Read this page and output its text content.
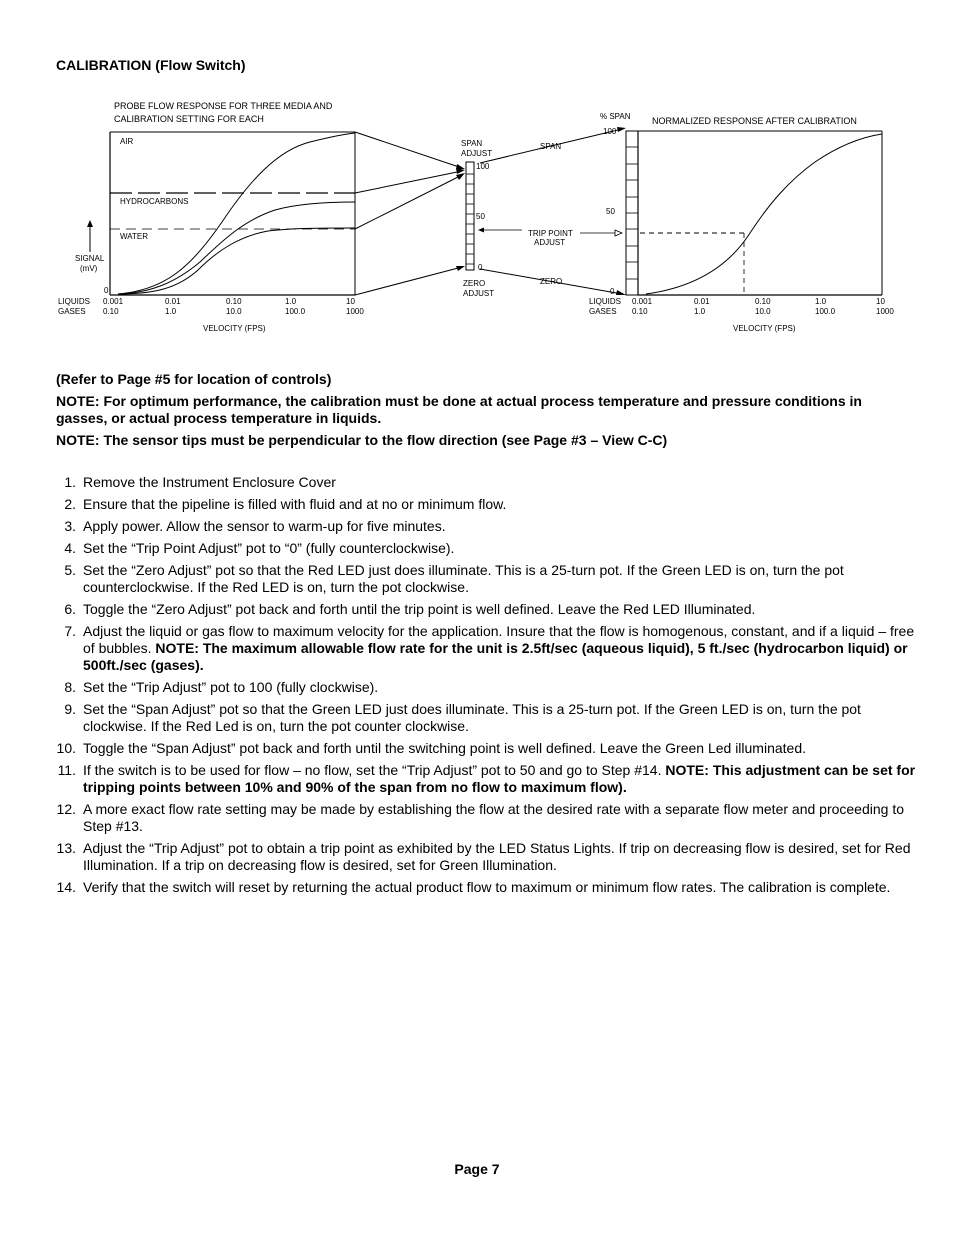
CALIBRATION (Flow Switch)
PROBE FLOW RESPONSE FOR THREE MEDIA AND
CALIBRATION SETTING FOR EACH
AIR
HYDROCARBONS
WATER
SIGNAL
(mV)
0
LIQUIDS
GASES
0.001	0.01	0.10	1.0	10
0.10	1.0	10.0	100.0	1000
VELOCITY (FPS)
SPAN
ADJUST
100
50
0
ZERO
ADJUST
SPAN
ZERO
TRIP POINT
ADJUST
% SPAN NORMALIZED RESPONSE AFTER CALIBRATION
100
50
0
LIQUIDS
GASES
0.001	0.01	0.10	1.0	10
0.10	1.0	10.0	100.0	1000
VELOCITY (FPS)

(Refer to Page #5 for location of controls)

NOTE: For optimum performance, the calibration must be done at actual process temperature and pressure conditions in gasses, or actual process temperature in liquids.

NOTE: The sensor tips must be perpendicular to the flow direction (see Page #3 – View C-C)

1. Remove the Instrument Enclosure Cover
2. Ensure that the pipeline is filled with fluid and at no or minimum flow.
3. Apply power. Allow the sensor to warm-up for five minutes.
4. Set the “Trip Point Adjust” pot to “0” (fully counterclockwise).
5. Set the “Zero Adjust” pot so that the Red LED just does illuminate. This is a 25-turn pot. If the Green LED is on, turn the pot counterclockwise. If the Red LED is on, turn the pot clockwise.
6. Toggle the “Zero Adjust” pot back and forth until the trip point is well defined. Leave the Red LED Illuminated.
7. Adjust the liquid or gas flow to maximum velocity for the application. Insure that the flow is homogenous, constant, and if a liquid – free of bubbles. NOTE: The maximum allowable flow rate for the unit is 2.5ft/sec (aqueous liquid), 5 ft./sec (hydrocarbon liquid) or 500ft./sec (gases).
8. Set the “Trip Adjust” pot to 100 (fully clockwise).
9. Set the “Span Adjust” pot so that the Green LED just does illuminate. This is a 25-turn pot. If the Green LED is on, turn the pot clockwise. If the Red Led is on, turn the pot counter clockwise.
10. Toggle the “Span Adjust” pot back and forth until the switching point is well defined. Leave the Green Led illuminated.
11. If the switch is to be used for flow – no flow, set the “Trip Adjust” pot to 50 and go to Step #14. NOTE: This adjustment can be set for tripping points between 10% and 90% of the span from no flow to maximum flow).
12. A more exact flow rate setting may be made by establishing the flow at the desired rate with a separate flow meter and proceeding to Step #13.
13. Adjust the “Trip Adjust” pot to obtain a trip point as exhibited by the LED Status Lights. If trip on decreasing flow is desired, set for Red Illumination. If a trip on decreasing flow is desired, set for Green Illumination.
14. Verify that the switch will reset by returning the actual product flow to maximum or minimum flow rates. The calibration is complete.
Page 7
